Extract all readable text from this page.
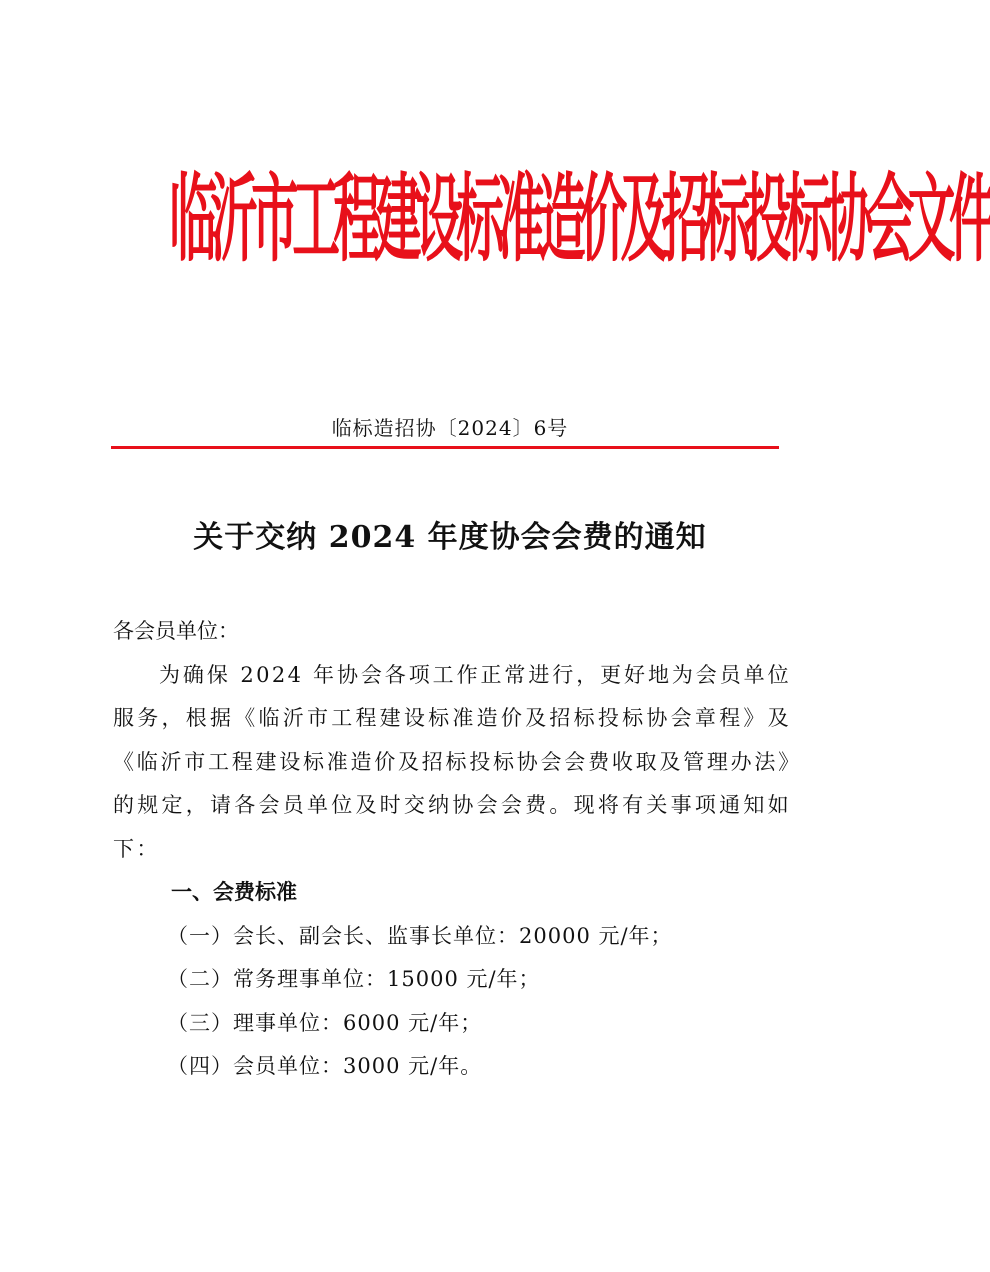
临沂市工程建设标准造价及招标投标协会文件
临标造招协〔2024〕6号
关于交纳 2024 年度协会会费的通知

各会员单位：

为确保 2024 年协会各项工作正常进行，更好地为会员单位服务，根据《临沂市工程建设标准造价及招标投标协会章程》及《临沂市工程建设标准造价及招标投标协会会费收取及管理办法》的规定，请各会员单位及时交纳协会会费。现将有关事项通知如下：

一、会费标准

（一）会长、副会长、监事长单位：20000 元/年；

（二）常务理事单位：15000 元/年；

（三）理事单位：6000 元/年；

（四）会员单位：3000 元/年。
